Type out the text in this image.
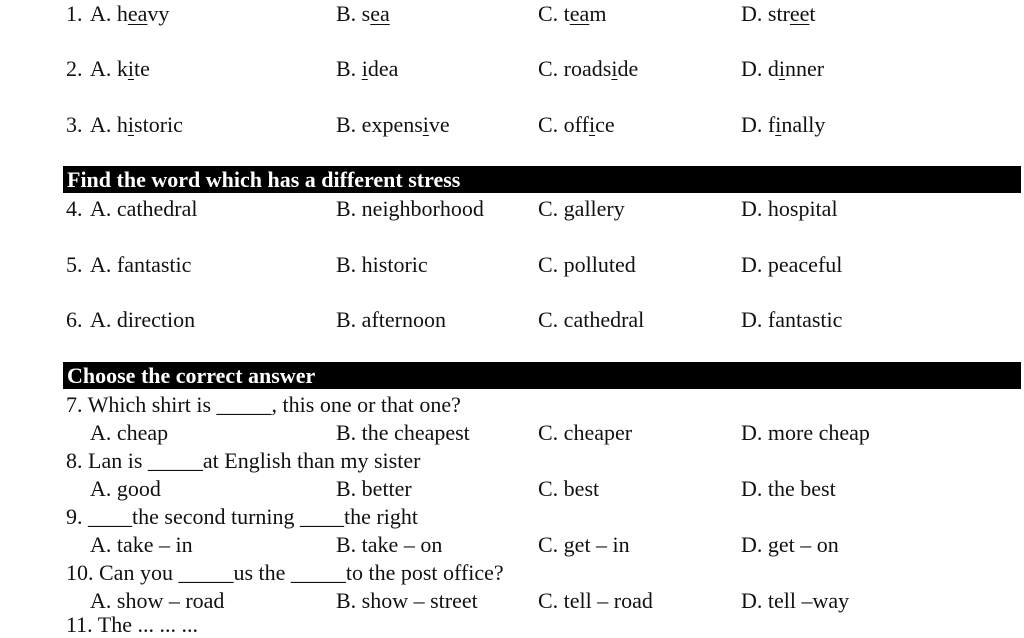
1. A. heavy	B. sea	C. team	D. street
2. A. kite	B. idea	C. roadside	D. dinner
3. A. historic	B. expensive	C. office	D. finally
Find the word which has a different stress
4. A. cathedral	B. neighborhood C. gallery	D. hospital
5. A. fantastic	B. historic	C. polluted	D. peaceful
6. A. direction	B. afternoon	C. cathedral	D. fantastic
Choose the correct answer
7. Which shirt is _____, this one or that one?
A. cheap	B. the cheapest	C. cheaper	D. more cheap
8. Lan is _____at English than my sister
A. good	B. better	C. best	D. the best
9. ____the second turning ____the right
A. take – in	B. take – on	C. get – in	D. get – on
10. Can you _____us the _____to the post office?
A. show – road	B. show – street	C. tell – road	D. tell –way
11. The ... ... ...
